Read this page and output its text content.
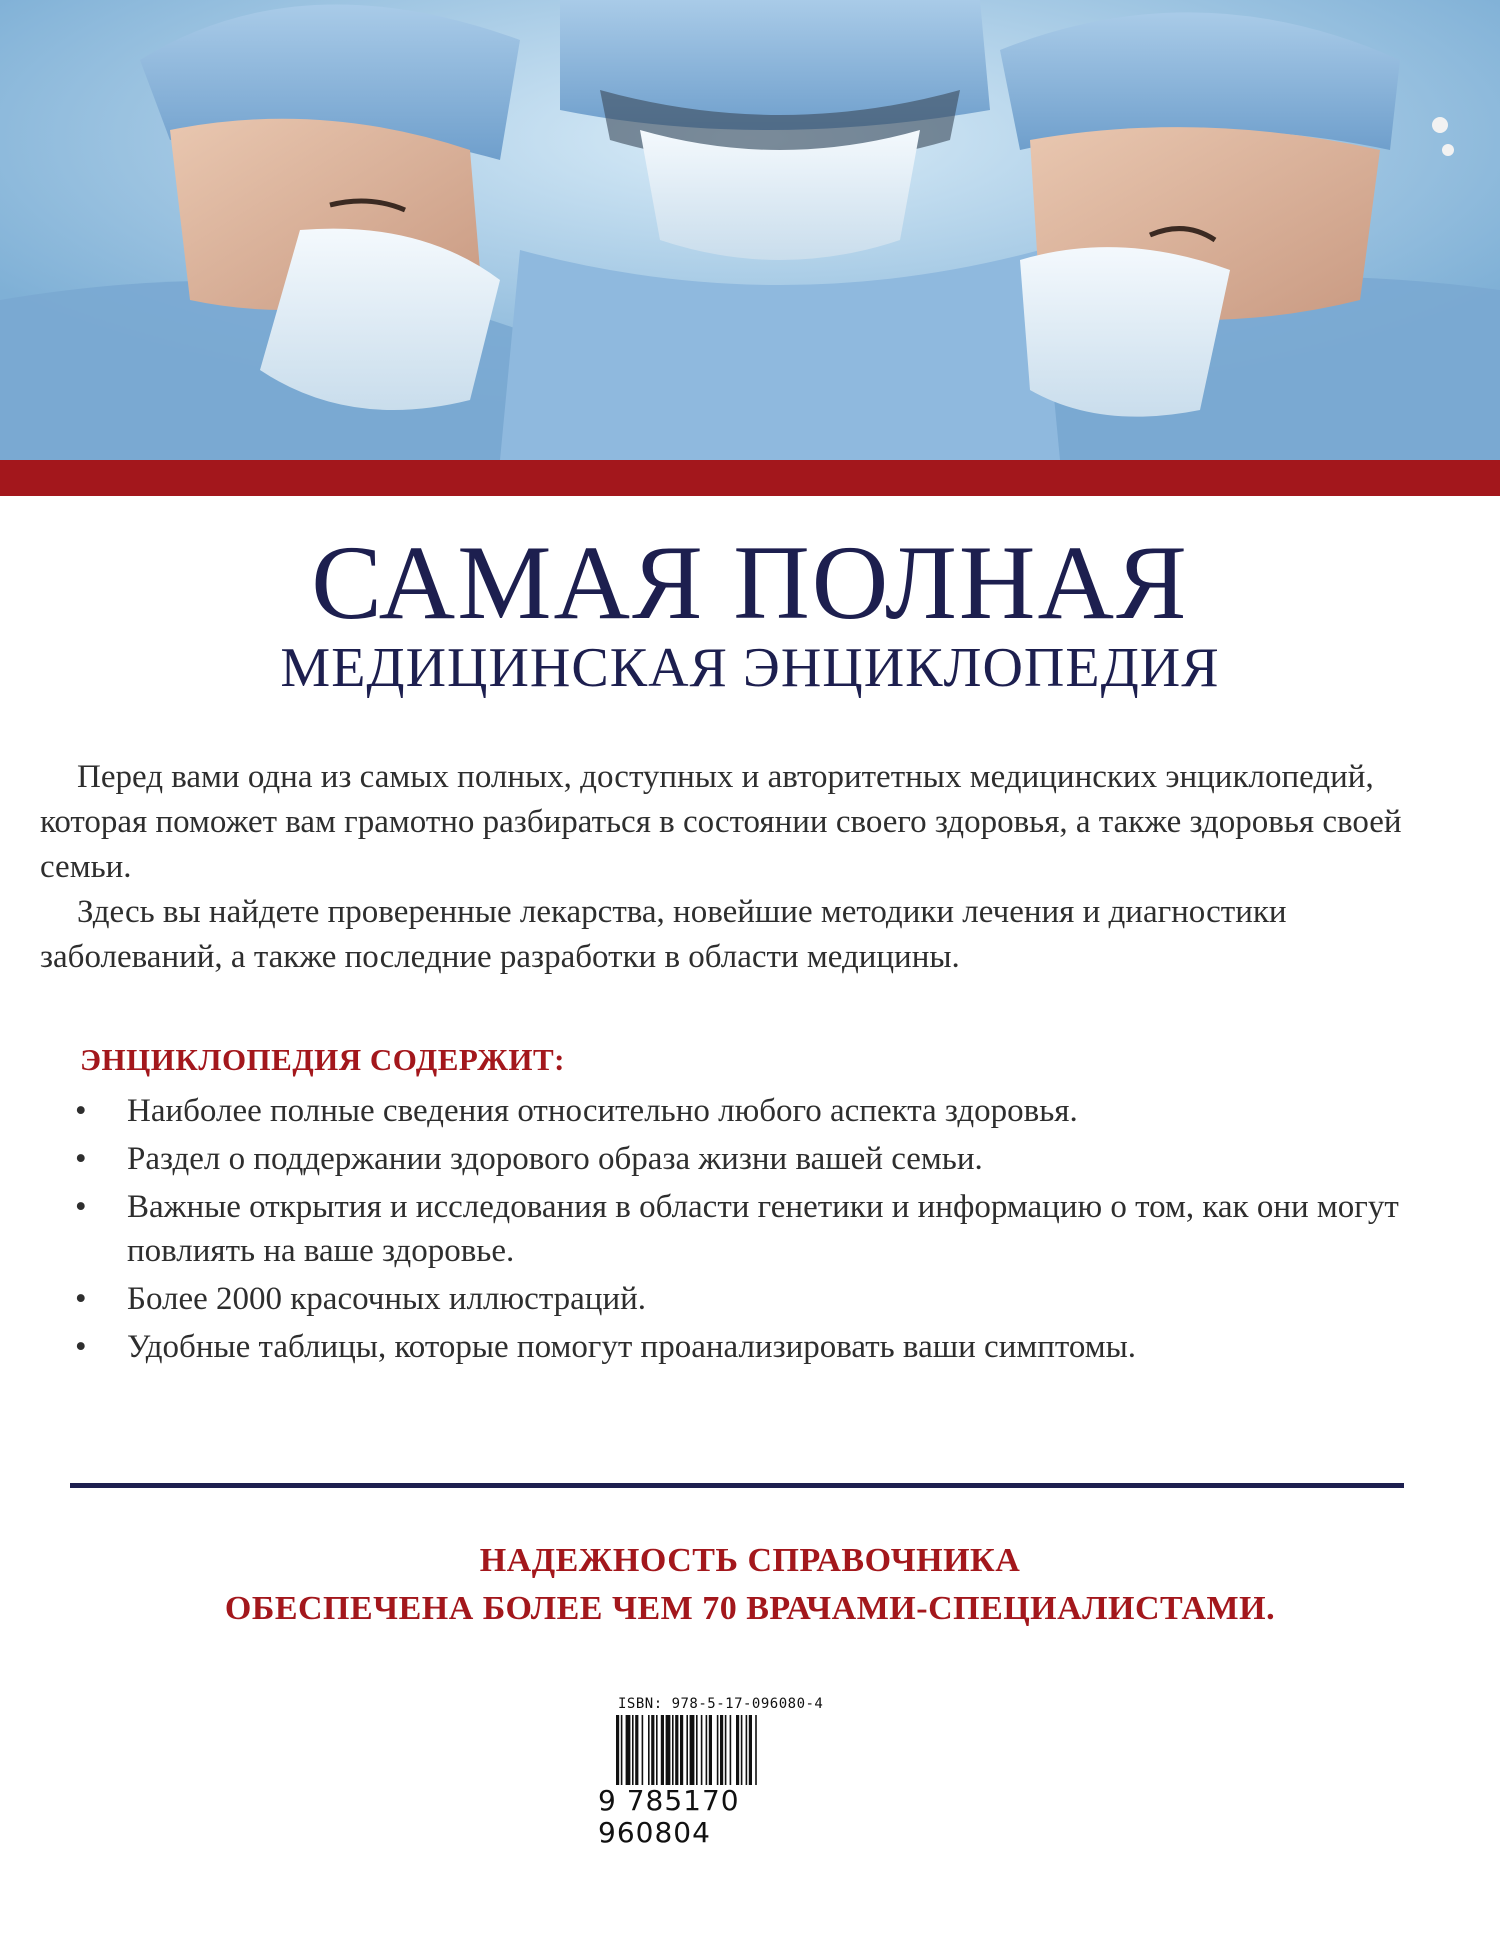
САМАЯ ПОЛНАЯ
МЕДИЦИНСКАЯ ЭНЦИКЛОПЕДИЯ

Перед вами одна из самых полных, доступных и авторитетных медицинских энциклопедий, которая поможет вам грамотно разбираться в состоянии своего здоровья, а также здоровья своей семьи.

Здесь вы найдете проверенные лекарства, новейшие методики лечения и диагностики заболеваний, а также последние разработки в области медицины.

ЭНЦИКЛОПЕДИЯ СОДЕРЖИТ:
• Наиболее полные сведения относительно любого аспекта здоровья.
• Раздел о поддержании здорового образа жизни вашей семьи.
• Важные открытия и исследования в области генетики и информацию о том, как они могут повлиять на ваше здоровье.
• Более 2000 красочных иллюстраций.
• Удобные таблицы, которые помогут проанализировать ваши симптомы.
НАДЕЖНОСТЬ СПРАВОЧНИКА
ОБЕСПЕЧЕНА БОЛЕЕ ЧЕМ 70 ВРАЧАМИ-СПЕЦИАЛИСТАМИ.
ISBN: 978-5-17-096080-4
9 785170 960804
